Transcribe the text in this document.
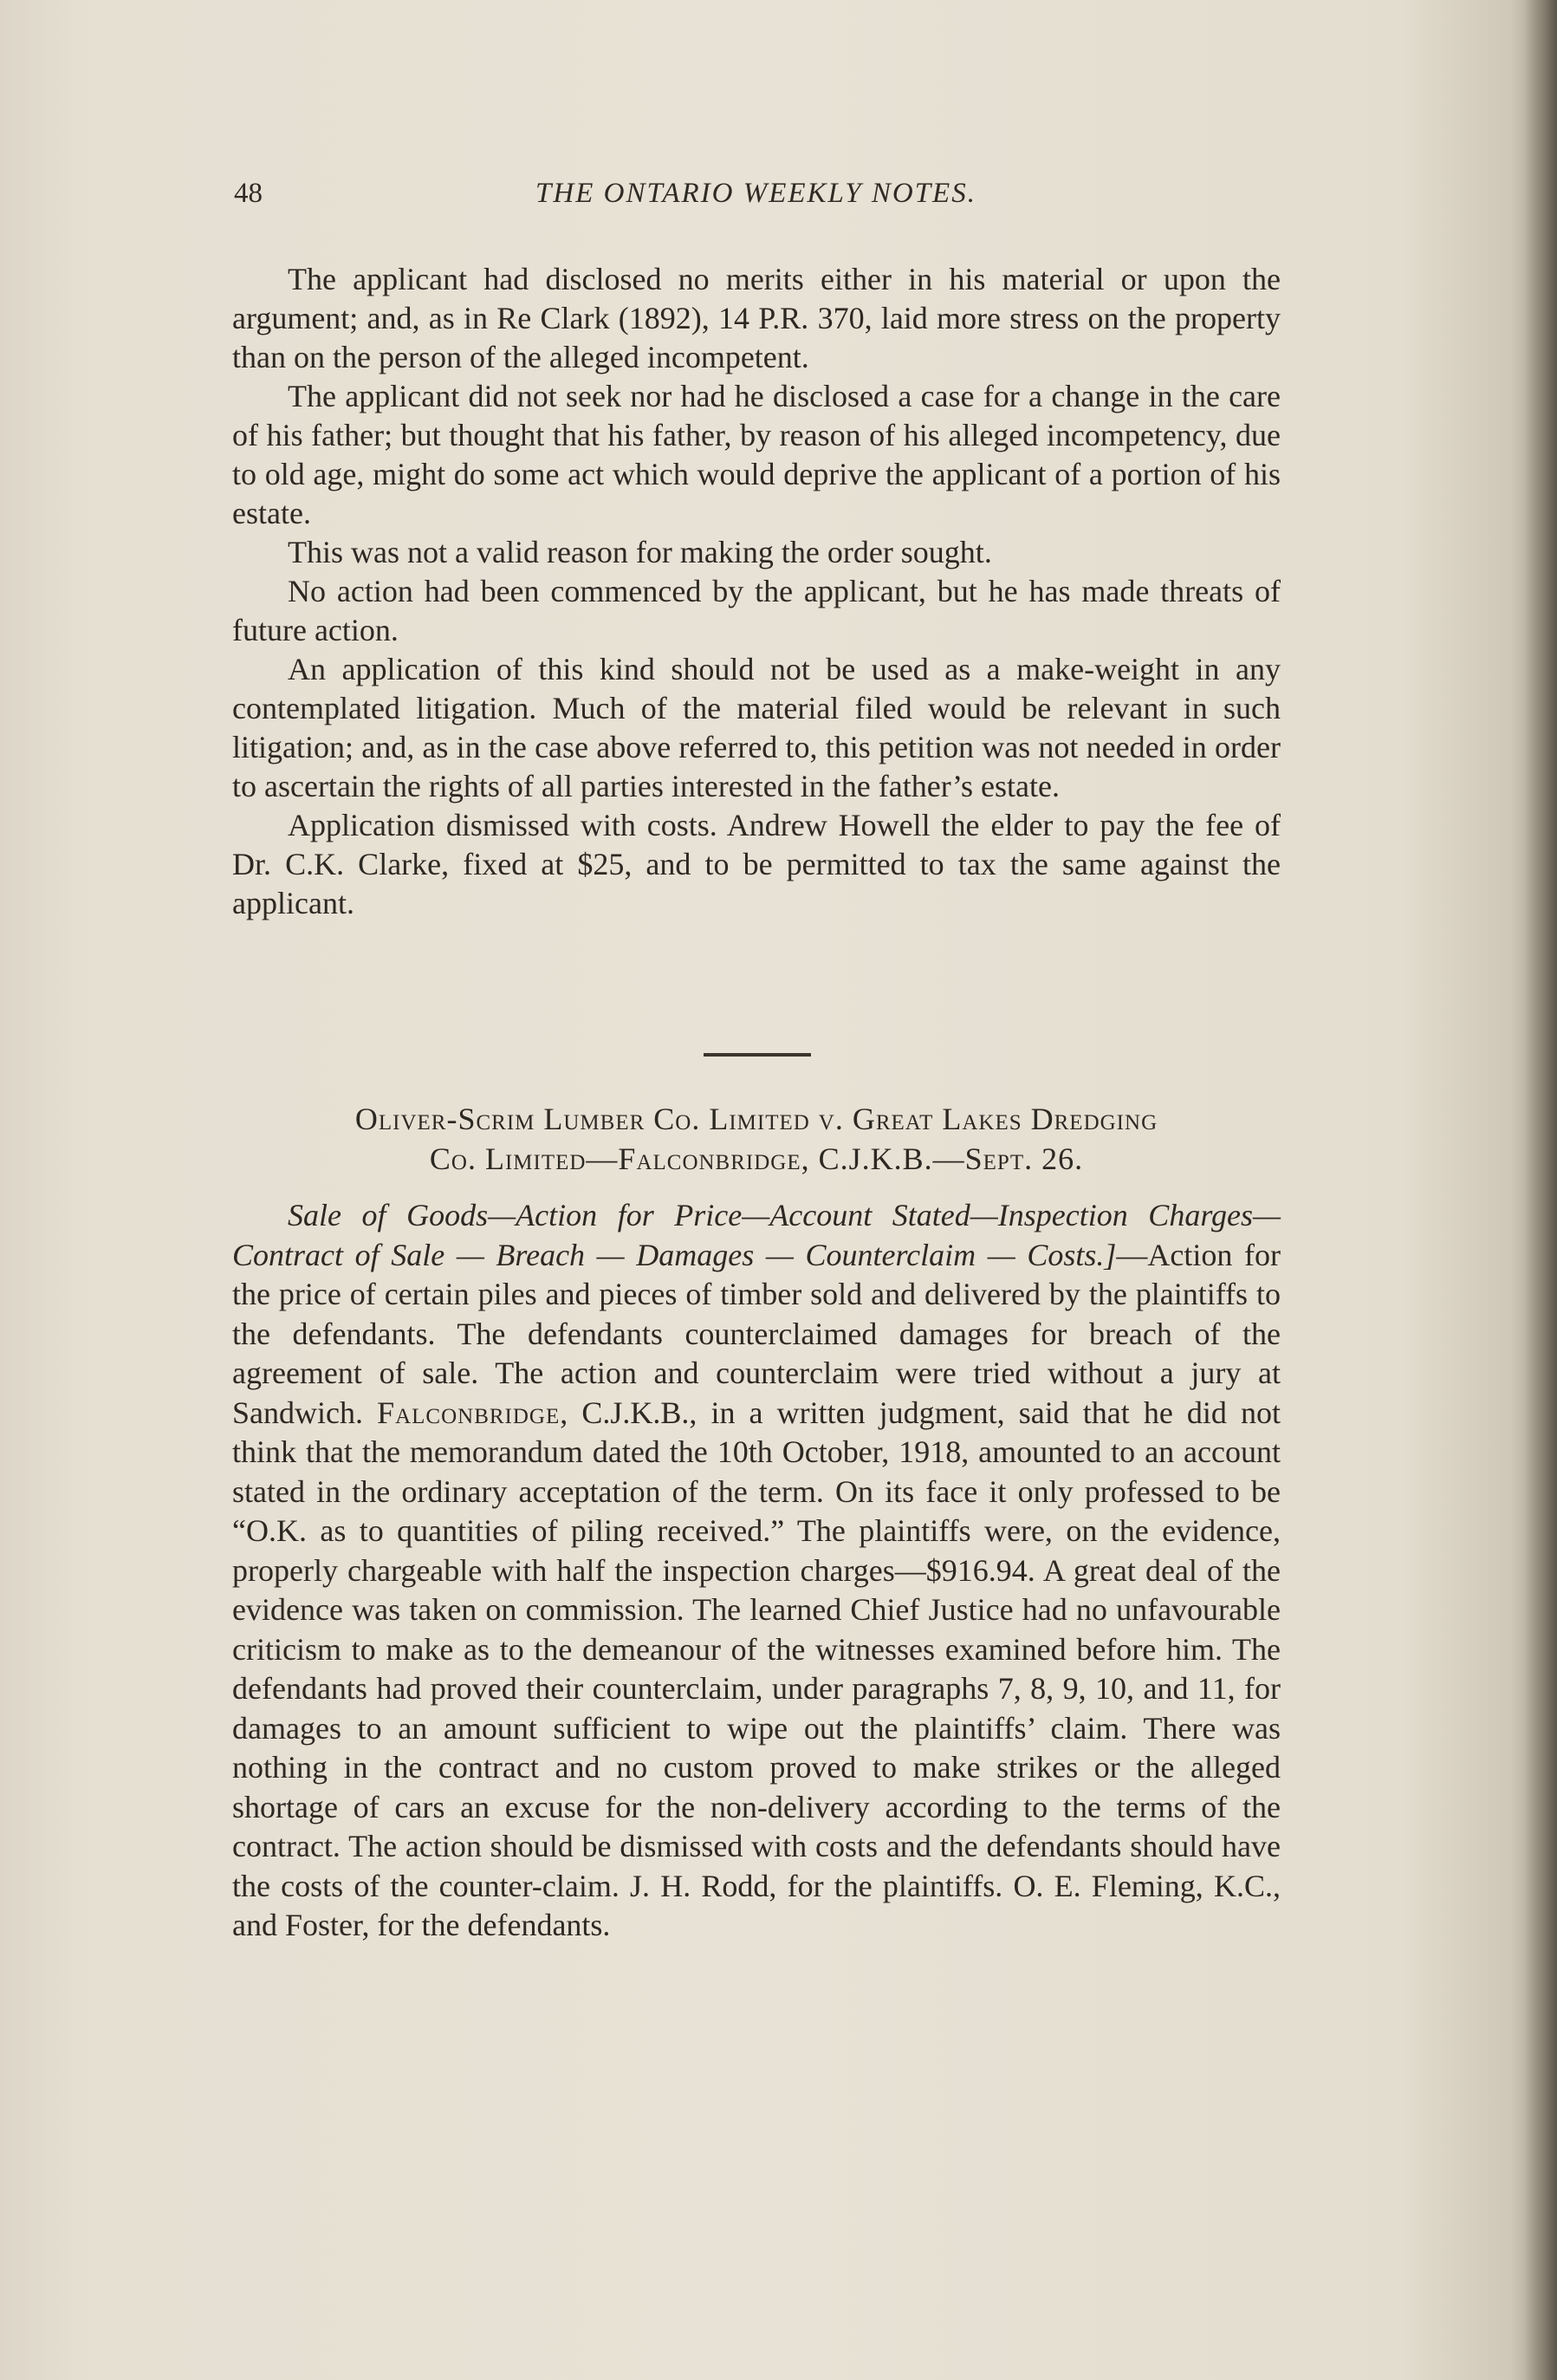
48	THE ONTARIO WEEKLY NOTES.

The applicant had disclosed no merits either in his material or upon the argument; and, as in Re Clark (1892), 14 P.R. 370, laid more stress on the property than on the person of the alleged incompetent.

The applicant did not seek nor had he disclosed a case for a change in the care of his father; but thought that his father, by reason of his alleged incompetency, due to old age, might do some act which would deprive the applicant of a portion of his estate.

This was not a valid reason for making the order sought.

No action had been commenced by the applicant, but he has made threats of future action.

An application of this kind should not be used as a make-weight in any contemplated litigation. Much of the material filed would be relevant in such litigation; and, as in the case above referred to, this petition was not needed in order to ascertain the rights of all parties interested in the father’s estate.

Application dismissed with costs. Andrew Howell the elder to pay the fee of Dr. C.K. Clarke, fixed at $25, and to be permitted to tax the same against the applicant.

Oliver-Scrim Lumber Co. Limited v. Great Lakes Dredging
Co. Limited—Falconbridge, C.J.K.B.—Sept. 26.
Sale of Goods—Action for Price—Account Stated—Inspection Charges—Contract of Sale — Breach — Damages — Counterclaim — Costs.]—Action for the price of certain piles and pieces of timber sold and delivered by the plaintiffs to the defendants. The defendants counterclaimed damages for breach of the agreement of sale. The action and counterclaim were tried without a jury at Sandwich. Falconbridge, C.J.K.B., in a written judgment, said that he did not think that the memorandum dated the 10th October, 1918, amounted to an account stated in the ordinary acceptation of the term. On its face it only professed to be “O.K. as to quantities of piling received.” The plaintiffs were, on the evidence, properly chargeable with half the inspection charges—$916.94. A great deal of the evidence was taken on commission. The learned Chief Justice had no unfavourable criticism to make as to the demeanour of the witnesses examined before him. The defendants had proved their counterclaim, under paragraphs 7, 8, 9, 10, and 11, for damages to an amount sufficient to wipe out the plaintiffs’ claim. There was nothing in the contract and no custom proved to make strikes or the alleged shortage of cars an excuse for the non-delivery according to the terms of the contract. The action should be dismissed with costs and the defendants should have the costs of the counter-claim. J. H. Rodd, for the plaintiffs. O. E. Fleming, K.C., and Foster, for the defendants.
